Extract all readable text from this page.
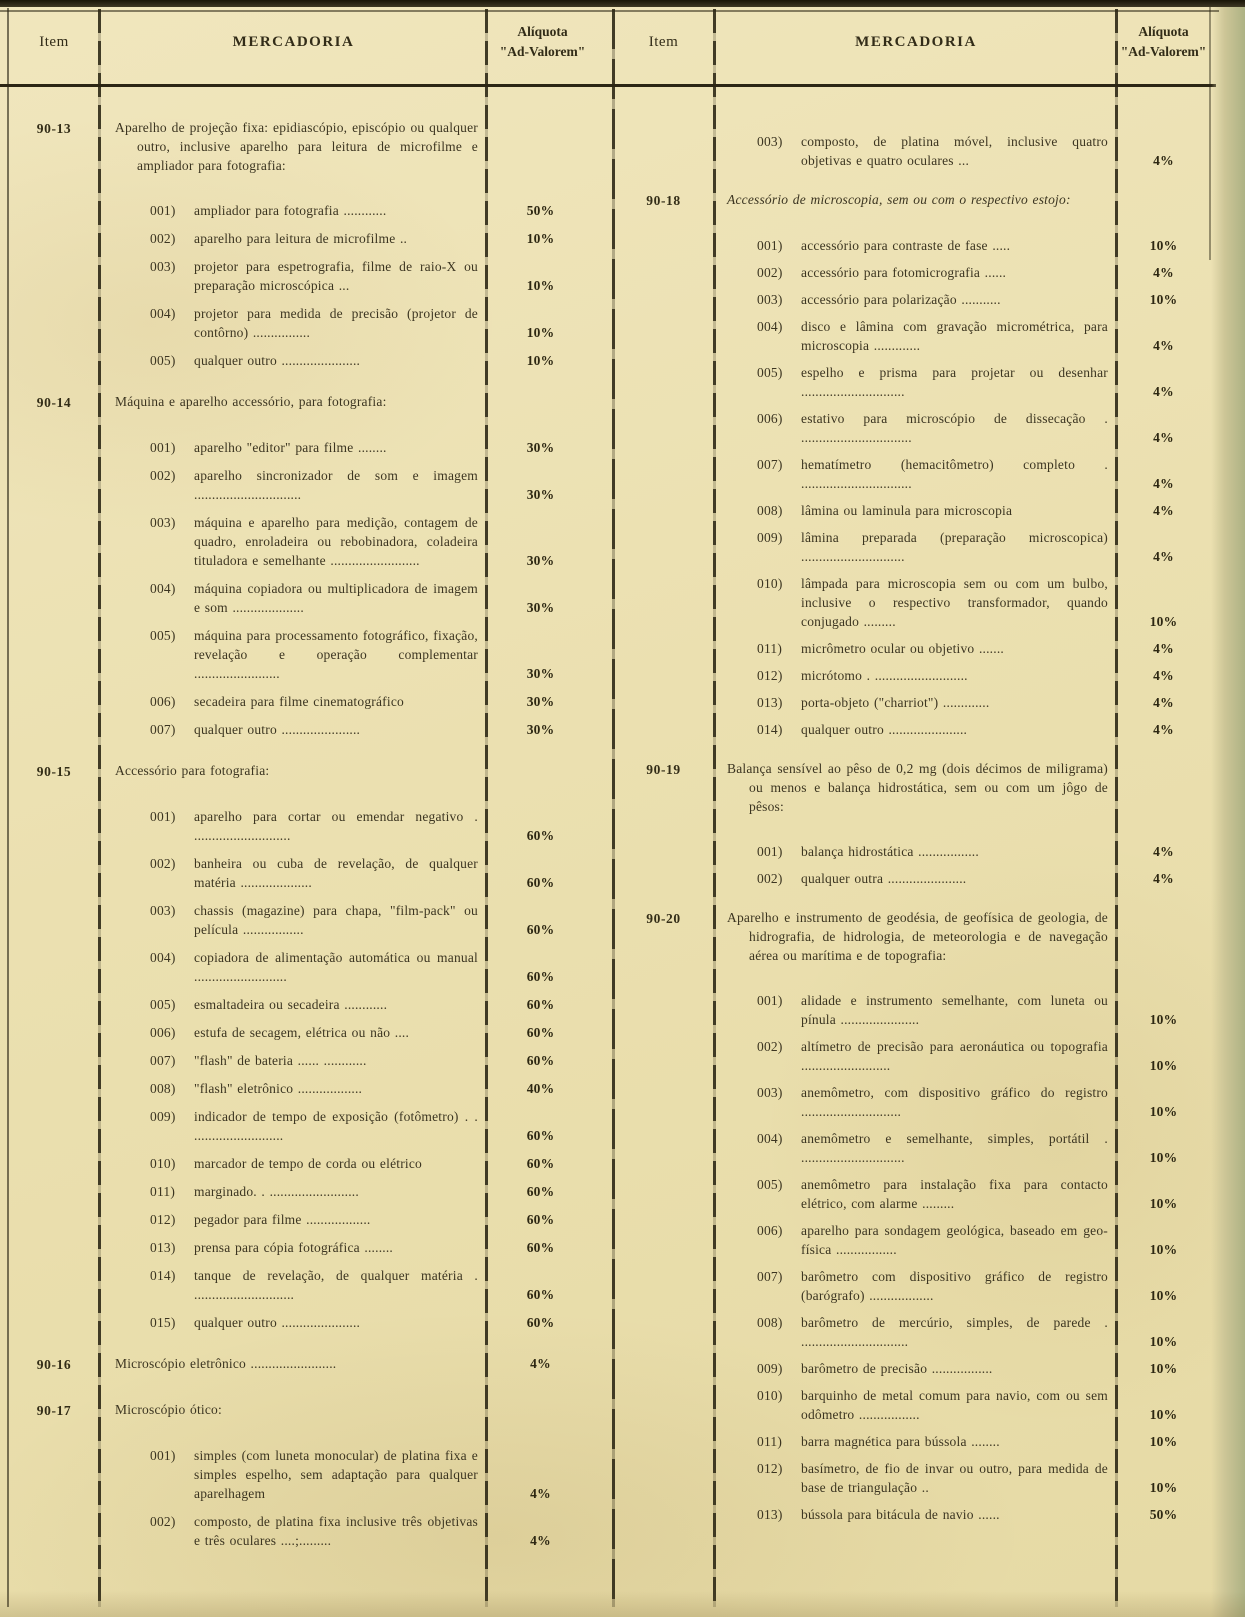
Item	MERCADORIA
Alíquota
"Ad-Valorem"
90-13	Aparelho de projeção fixa: epidiascópio, episcópio ou qualquer outro, inclusive aparelho para leitura de microfilme e ampliador para fotografia:
001)	ampliador para fotografia ............	50%
002)	aparelho para leitura de microfilme ..	10%
003)	projetor para espetrografia, filme de raio-X ou preparação microscópica ...	10%
004)	projetor para medida de precisão (projetor de contôrno) ................	10%
005)	qualquer outro ......................	10%
90-14	Máquina e aparelho accessório, para fotografia:
001)	aparelho "editor" para filme ........	30%
002)	aparelho sincronizador de som e imagem ..............................	30%
003)	máquina e aparelho para medição, contagem de quadro, enroladeira ou rebobinadora, coladeira tituladora e semelhante .........................	30%
004)	máquina copiadora ou multiplicadora de imagem e som ....................	30%
005)	máquina para processamento fotográfico, fixação, revelação e operação complementar ........................	30%
006)	secadeira para filme cinematográfico	30%
007)	qualquer outro ......................	30%
90-15	Accessório para fotografia:
001)	aparelho para cortar ou emendar negativo . ...........................	60%
002)	banheira ou cuba de revelação, de qualquer matéria ....................	60%
003)	chassis (magazine) para chapa, "film-pack" ou película .................	60%
004)	copiadora de alimentação automática ou manual ..........................	60%
005)	esmaltadeira ou secadeira ............	60%
006)	estufa de secagem, elétrica ou não ....	60%
007)	"flash" de bateria ...... ............	60%
008)	"flash" eletrônico ..................	40%
009)	indicador de tempo de exposição (fotômetro) . . .........................	60%
010)	marcador de tempo de corda ou elétrico	60%
011)	marginado. . .........................	60%
012)	pegador para filme ..................	60%
013)	prensa para cópia fotográfica ........	60%
014)	tanque de revelação, de qualquer matéria . ............................	60%
015)	qualquer outro ......................	60%
90-16	Microscópio eletrônico ........................	4%
90-17	Microscópio ótico:
001)	simples (com luneta monocular) de platina fixa e simples espelho, sem adaptação para qualquer aparelhagem	4%
002)	composto, de platina fixa inclusive três objetivas e três oculares ....;.........	4%
Item	MERCADORIA
Alíquota
"Ad-Valorem"
003)	composto, de platina móvel, inclusive quatro objetivas e quatro oculares ...	4%
90-18	Accessório de microscopia, sem ou com o respectivo estojo:
001)	accessório para contraste de fase .....	10%
002)	accessório para fotomicrografia ......	4%
003)	accessório para polarização ...........	10%
004)	disco e lâmina com gravação micrométrica, para microscopia .............	4%
005)	espelho e prisma para projetar ou desenhar .............................	4%
006)	estativo para microscópio de dissecação . ...............................	4%
007)	hematímetro (hemacitômetro) completo . ...............................	4%
008)	lâmina ou laminula para microscopia	4%
009)	lâmina preparada (preparação microscopica) .............................	4%
010)	lâmpada para microscopia sem ou com um bulbo, inclusive o respectivo transformador, quando conjugado .........	10%
011)	micrômetro ocular ou objetivo .......	4%
012)	micrótomo . ..........................	4%
013)	porta-objeto ("charriot") .............	4%
014)	qualquer outro ......................	4%
90-19	Balança sensível ao pêso de 0,2 mg (dois décimos de miligrama) ou menos e balança hidrostática, sem ou com um jôgo de pêsos:
001)	balança hidrostática .................	4%
002)	qualquer outra ......................	4%
90-20	Aparelho e instrumento de geodésia, de geofísica de geologia, de hidrografia, de hidrologia, de meteorologia e de navegação aérea ou marítima e de topografia:
001)	alidade e instrumento semelhante, com luneta ou pínula ......................	10%
002)	altímetro de precisão para aeronáutica ou topografia .........................	10%
003)	anemômetro, com dispositivo gráfico do registro ............................	10%
004)	anemômetro e semelhante, simples, portátil . .............................	10%
005)	anemômetro para instalação fixa para contacto elétrico, com alarme .........	10%
006)	aparelho para sondagem geológica, baseado em geo-física .................	10%
007)	barômetro com dispositivo gráfico de registro (barógrafo) ..................	10%
008)	barômetro de mercúrio, simples, de parede . ..............................	10%
009)	barômetro de precisão .................	10%
010)	barquinho de metal comum para navio, com ou sem odômetro .................	10%
011)	barra magnética para bússola ........	10%
012)	basímetro, de fio de invar ou outro, para medida de base de triangulação ..	10%
013)	bússola para bitácula de navio ......	50%
